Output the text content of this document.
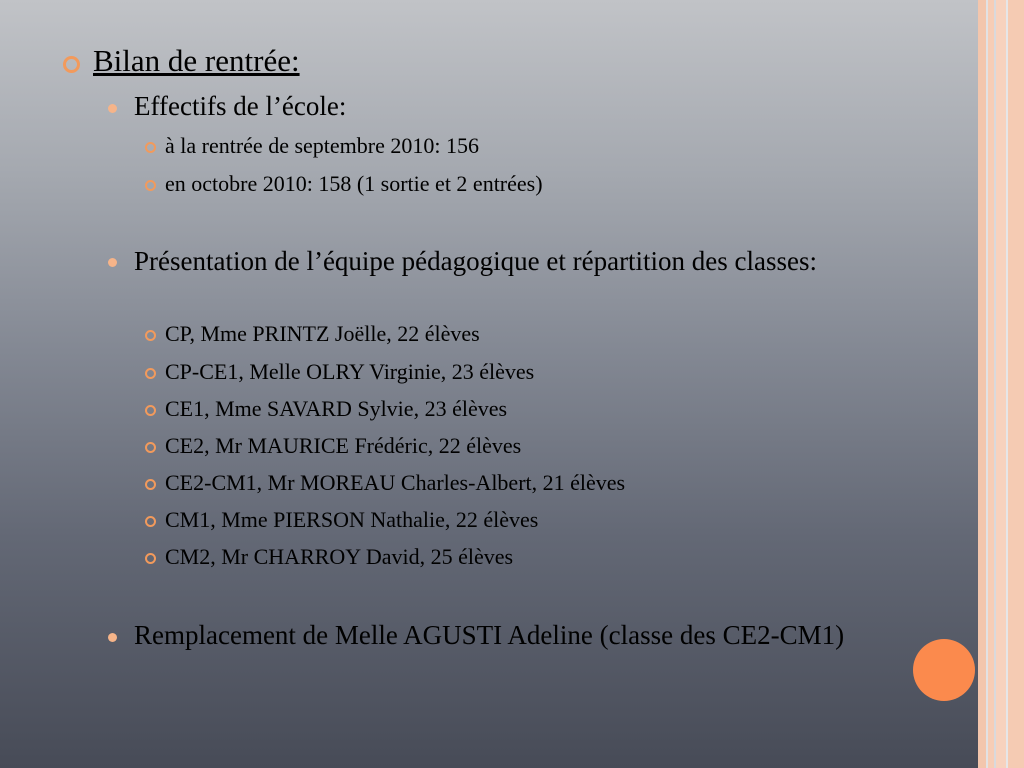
Bilan de rentrée:
Effectifs de l’école:
à la rentrée de septembre 2010: 156
en octobre 2010: 158 (1 sortie et 2 entrées)
Présentation de l’équipe pédagogique et répartition des classes:
CP, Mme PRINTZ Joëlle, 22 élèves
CP-CE1, Melle OLRY Virginie, 23 élèves
CE1, Mme SAVARD Sylvie, 23 élèves
CE2, Mr MAURICE Frédéric, 22 élèves
CE2-CM1, Mr MOREAU Charles-Albert, 21 élèves
CM1, Mme PIERSON Nathalie, 22 élèves
CM2, Mr CHARROY David, 25 élèves
Remplacement de Melle AGUSTI Adeline (classe des CE2-CM1)
